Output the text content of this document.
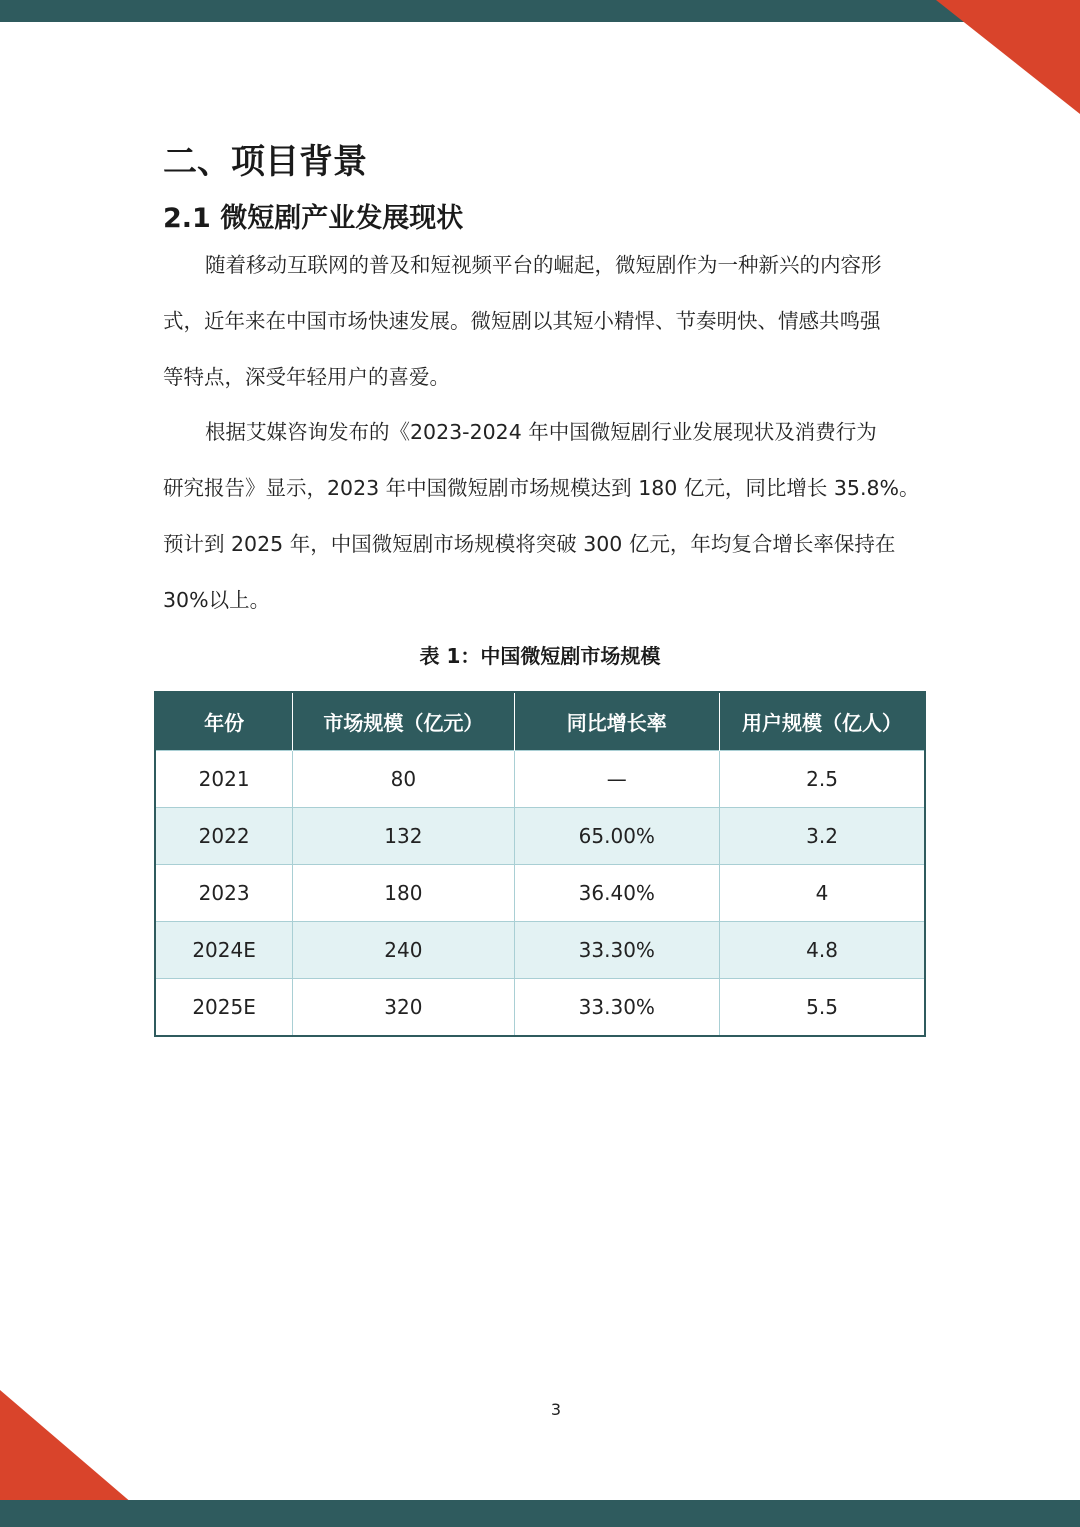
二、项目背景
2.1 微短剧产业发展现状

随着移动互联网的普及和短视频平台的崛起，微短剧作为一种新兴的内容形
式，近年来在中国市场快速发展。微短剧以其短小精悍、节奏明快、情感共鸣强
等特点，深受年轻用户的喜爱。

根据艾媒咨询发布的《2023-2024 年中国微短剧行业发展现状及消费行为
研究报告》显示，2023 年中国微短剧市场规模达到 180 亿元，同比增长 35.8%。
预计到 2025 年，中国微短剧市场规模将突破 300 亿元，年均复合增长率保持在
30%以上。

表 1：中国微短剧市场规模
年份	市场规模（亿元）	同比增长率	用户规模（亿人）
2021	80	—	2.5
2022	132	65.00%	3.2
2023	180	36.40%	4
2024E	240	33.30%	4.8
2025E	320	33.30%	5.5
3
